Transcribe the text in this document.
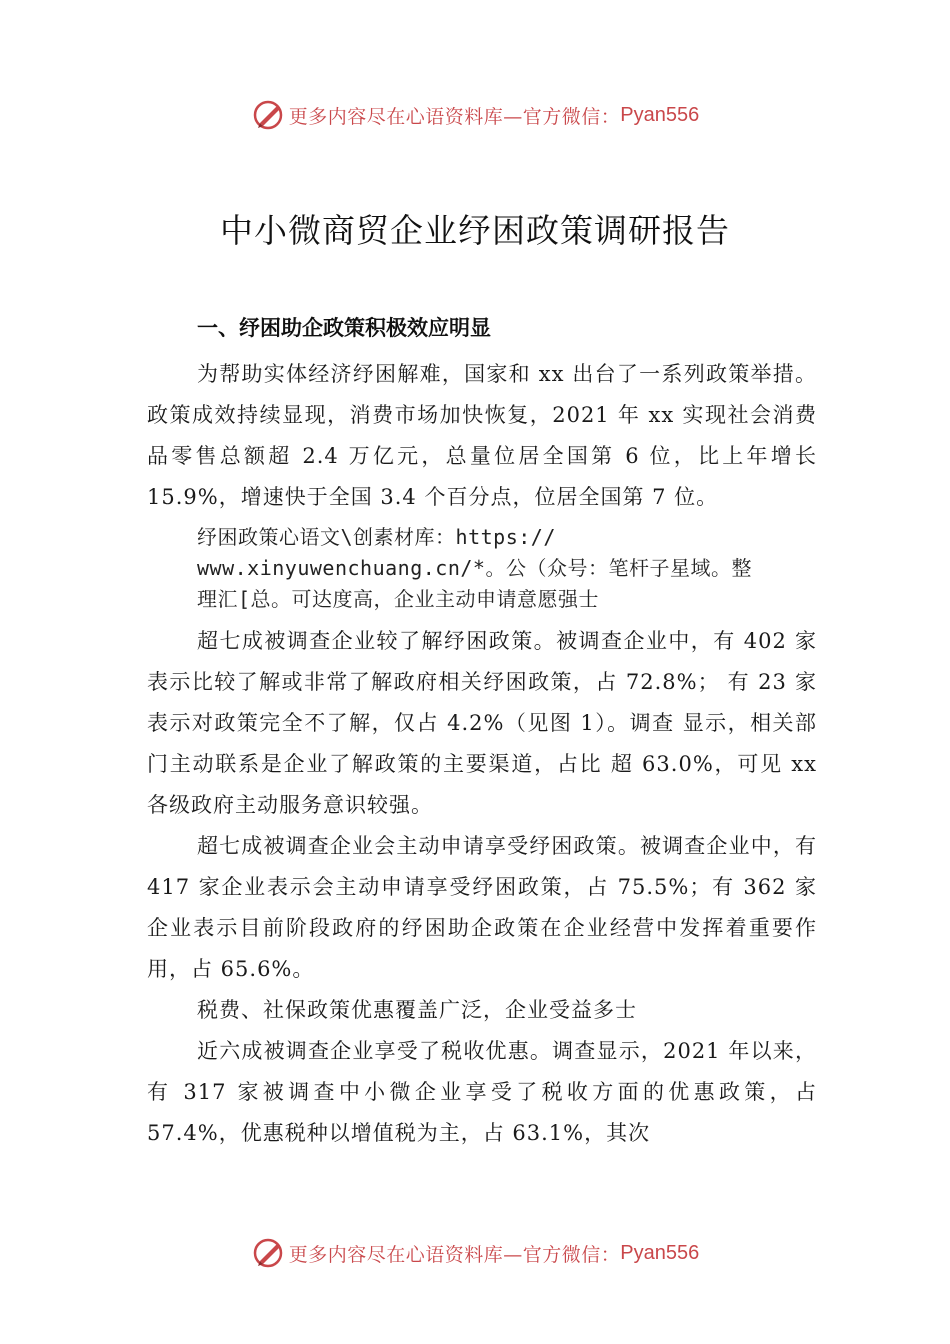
更多内容尽在心语资料库—官方微信： Pyan556
中小微商贸企业纾困政策调研报告
一、纾困助企政策积极效应明显

为帮助实体经济纾困解难，国家和 xx 出台了一系列政策举措。政策成效持续显现，消费市场加快恢复，2021 年 xx 实现社会消费品零售总额超 2.4 万亿元，总量位居全国第 6 位，比上年增长 15.9%，增速快于全国 3.4 个百分点，位居全国第 7 位。

纾困政策心语文\创素材库：https://
www.xinyuwenchuang.cn/*。公（众号：笔杆子星域。整
理汇[总。可达度高，企业主动申请意愿强士

超七成被调查企业较了解纾困政策。被调查企业中，有 402 家表示比较了解或非常了解政府相关纾困政策，占 72.8%； 有 23 家表示对政策完全不了解，仅占 4.2%（见图 1）。调查 显示，相关部门主动联系是企业了解政策的主要渠道，占比 超 63.0%，可见 xx 各级政府主动服务意识较强。

超七成被调查企业会主动申请享受纾困政策。被调查企业中，有 417 家企业表示会主动申请享受纾困政策，占 75.5%；有 362 家企业表示目前阶段政府的纾困助企政策在企业经营中发挥着重要作用，占 65.6%。

税费、社保政策优惠覆盖广泛，企业受益多士

近六成被调查企业享受了税收优惠。调查显示，2021 年以来，有 317 家被调查中小微企业享受了税收方面的优惠政策，占 57.4%，优惠税种以增值税为主，占 63.1%，其次

更多内容尽在心语资料库—官方微信： Pyan556
